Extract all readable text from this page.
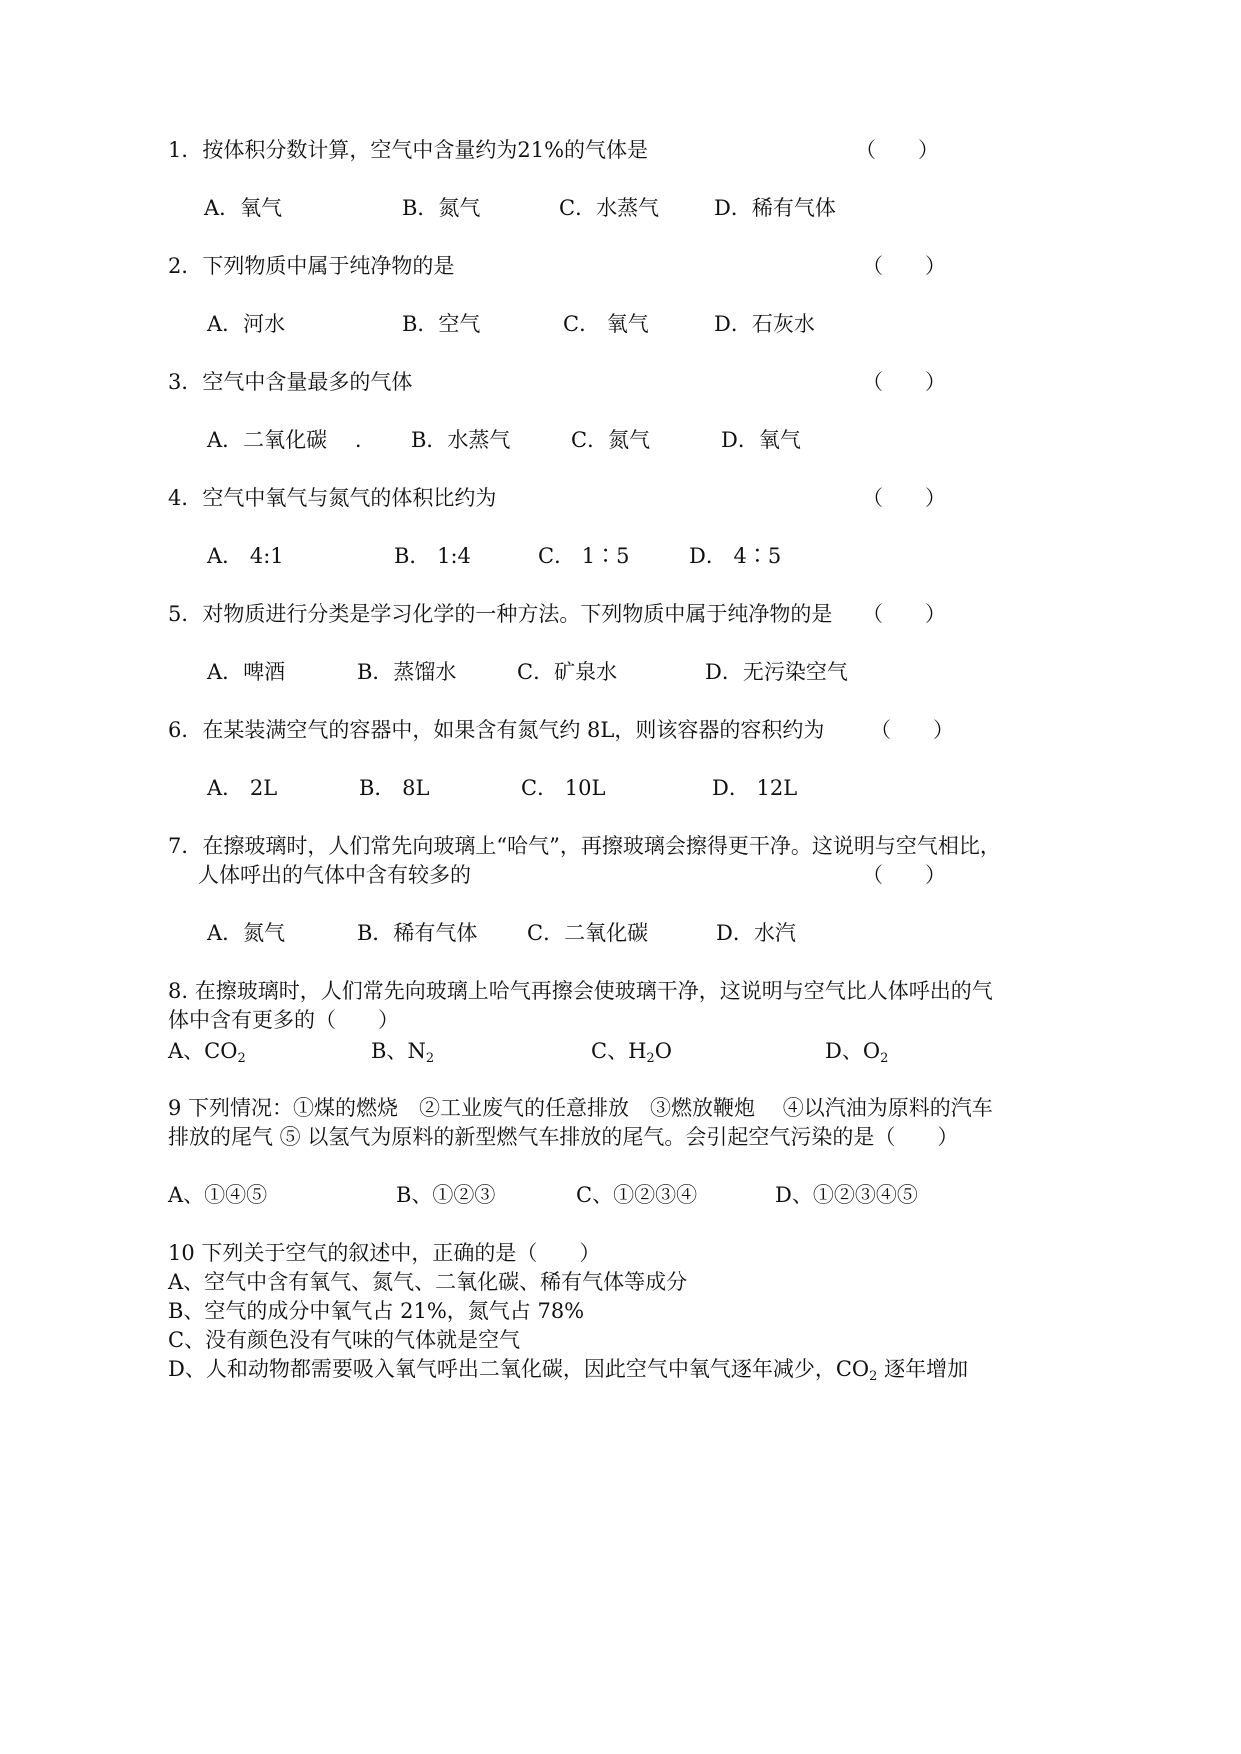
1．按体积分数计算，空气中含量约为21%的气体是	（　　）
A．氧气	B．氮气	C．水蒸气	D．稀有气体
2．下列物质中属于纯净物的是	（　　）
A．河水	B．空气	C． 氧气	D．石灰水
3．空气中含量最多的气体	（　　）
A．二氧化碳　 . B．水蒸气	C．氮气	D．氧气
4．空气中氧气与氮气的体积比约为	（　　）
A． 4:1	B． 1:4	C． 1∶5	D． 4∶5
5．对物质进行分类是学习化学的一种方法。下列物质中属于纯净物的是 （　　）
A．啤酒	B．蒸馏水	C．矿泉水	D．无污染空气
6．在某装满空气的容器中，如果含有氮气约 8L，则该容器的容积约为 （　　）
A． 2L	B． 8L	C． 10L	D． 12L
7．在擦玻璃时，人们常先向玻璃上“哈气”，再擦玻璃会擦得更干净。这说明与空气相比，
人体呼出的气体中含有较多的	（　　）
A．氮气	B．稀有气体 C．二氧化碳	D．水汽
8. 在擦玻璃时，人们常先向玻璃上哈气再擦会使玻璃干净，这说明与空气比人体呼出的气
体中含有更多的（　　）
A、$CO_2$	B、$N_2$	C、$H_2O$	D、$O_2$
9 下列情况：①煤的燃烧　②工业废气的任意排放　③燃放鞭炮　 ④以汽油为原料的汽车
排放的尾气 ⑤ 以氢气为原料的新型燃气车排放的尾气。会引起空气污染的是（　　）
A、①④⑤	B、①②③	C、①②③④	D、①②③④⑤
10 下列关于空气的叙述中，正确的是（　　）
A、空气中含有氧气、氮气、二氧化碳、稀有气体等成分
B、空气的成分中氧气占 21%，氮气占 78%
C、没有颜色没有气味的气体就是空气
D、人和动物都需要吸入氧气呼出二氧化碳，因此空气中氧气逐年减少，$CO_2$ 逐年增加
